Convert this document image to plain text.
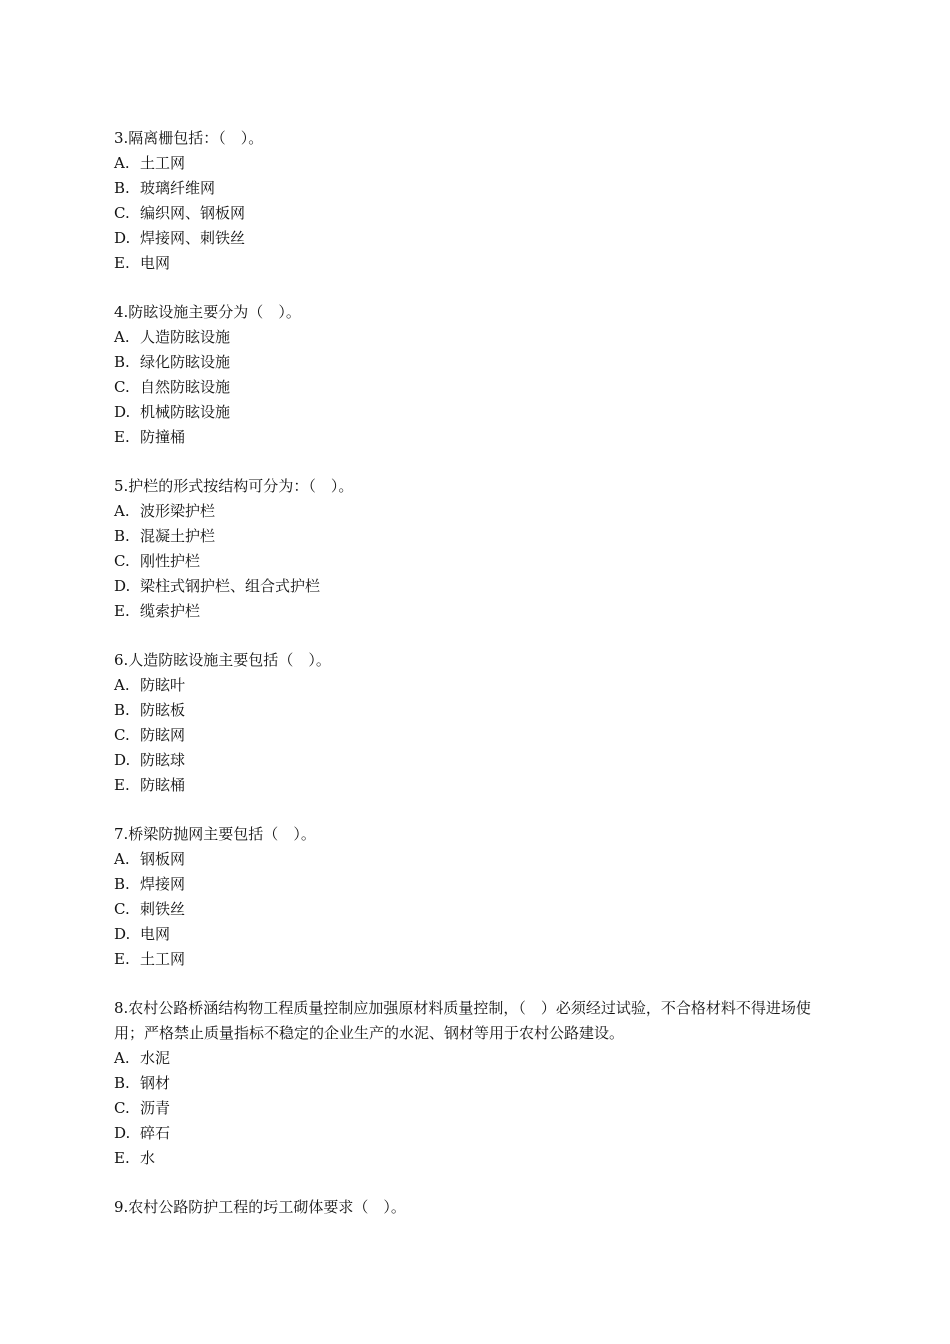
3.隔离栅包括：（　）。

A. 土工网
B. 玻璃纤维网
C. 编织网、钢板网
D. 焊接网、刺铁丝
E. 电网

4.防眩设施主要分为（　）。

A. 人造防眩设施
B. 绿化防眩设施
C. 自然防眩设施
D. 机械防眩设施
E. 防撞桶

5.护栏的形式按结构可分为：（　）。

A. 波形梁护栏
B. 混凝土护栏
C. 刚性护栏
D. 梁柱式钢护栏、组合式护栏
E. 缆索护栏

6.人造防眩设施主要包括（　）。

A. 防眩叶
B. 防眩板
C. 防眩网
D. 防眩球
E. 防眩桶

7.桥梁防抛网主要包括（　）。

A. 钢板网
B. 焊接网
C. 刺铁丝
D. 电网
E. 土工网

8.农村公路桥涵结构物工程质量控制应加强原材料质量控制，（　）必须经过试验，不合格材料不得进场使用；严格禁止质量指标不稳定的企业生产的水泥、钢材等用于农村公路建设。

A. 水泥
B. 钢材
C. 沥青
D. 碎石
E. 水

9.农村公路防护工程的圬工砌体要求（　）。
